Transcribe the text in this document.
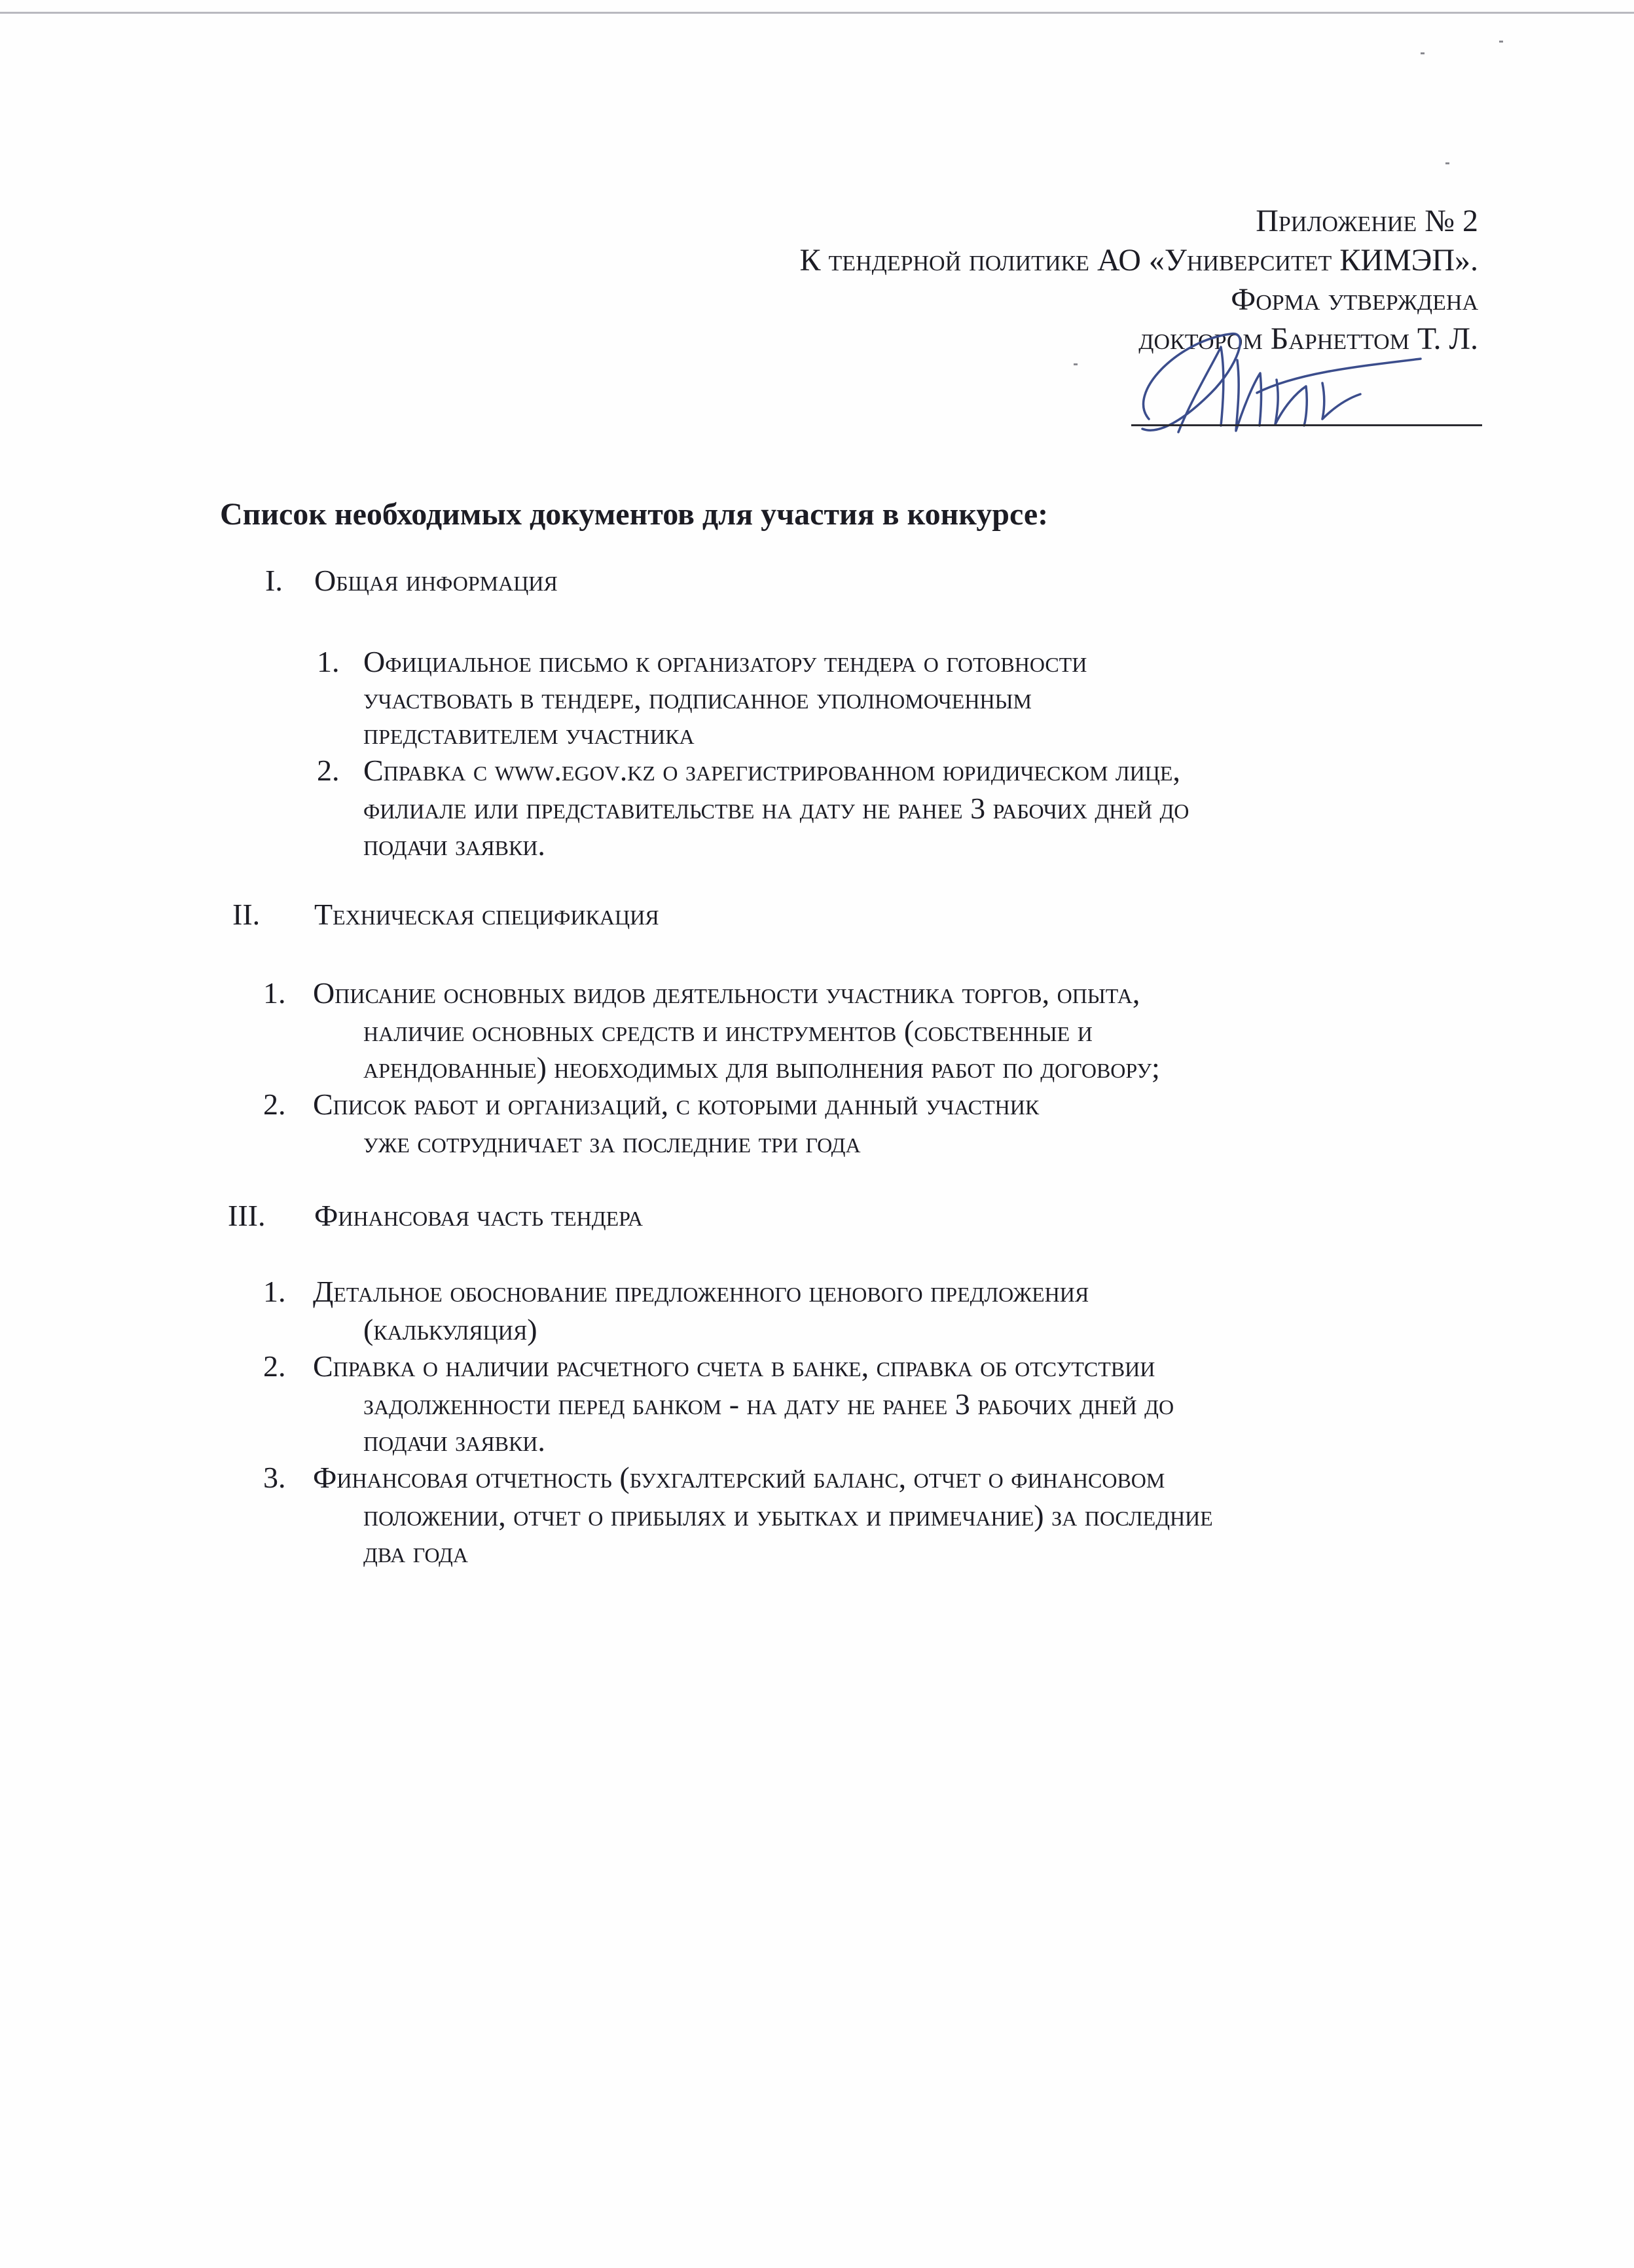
Приложение № 2
К тендерной политике АО «Университет КИМЭП».
Форма утверждена
доктором Барнеттом Т. Л.
Список необходимых документов для участия в конкурсе:
I. Общая информация
1. Официальное письмо к организатору тендера о готовности
участвовать в тендере, подписанное уполномоченным
представителем участника
2. Справка с www.egov.kz о зарегистрированном юридическом лице,
филиале или представительстве на дату не ранее 3 рабочих дней до
подачи заявки.
II. Техническая спецификация
1. Описание основных видов деятельности участника торгов, опыта,
наличие основных средств и инструментов (собственные и
арендованные) необходимых для выполнения работ по договору;
2. Список работ и организаций, с которыми данный участник
уже сотрудничает за последние три года
III. Финансовая часть тендера
1. Детальное обоснование предложенного ценового предложения
(калькуляция)
2. Справка о наличии расчетного счета в банке, справка об отсутствии
задолженности перед банком - на дату не ранее 3 рабочих дней до
подачи заявки.
3. Финансовая отчетность (бухгалтерский баланс, отчет о финансовом
положении, отчет о прибылях и убытках и примечание) за последние
два года
